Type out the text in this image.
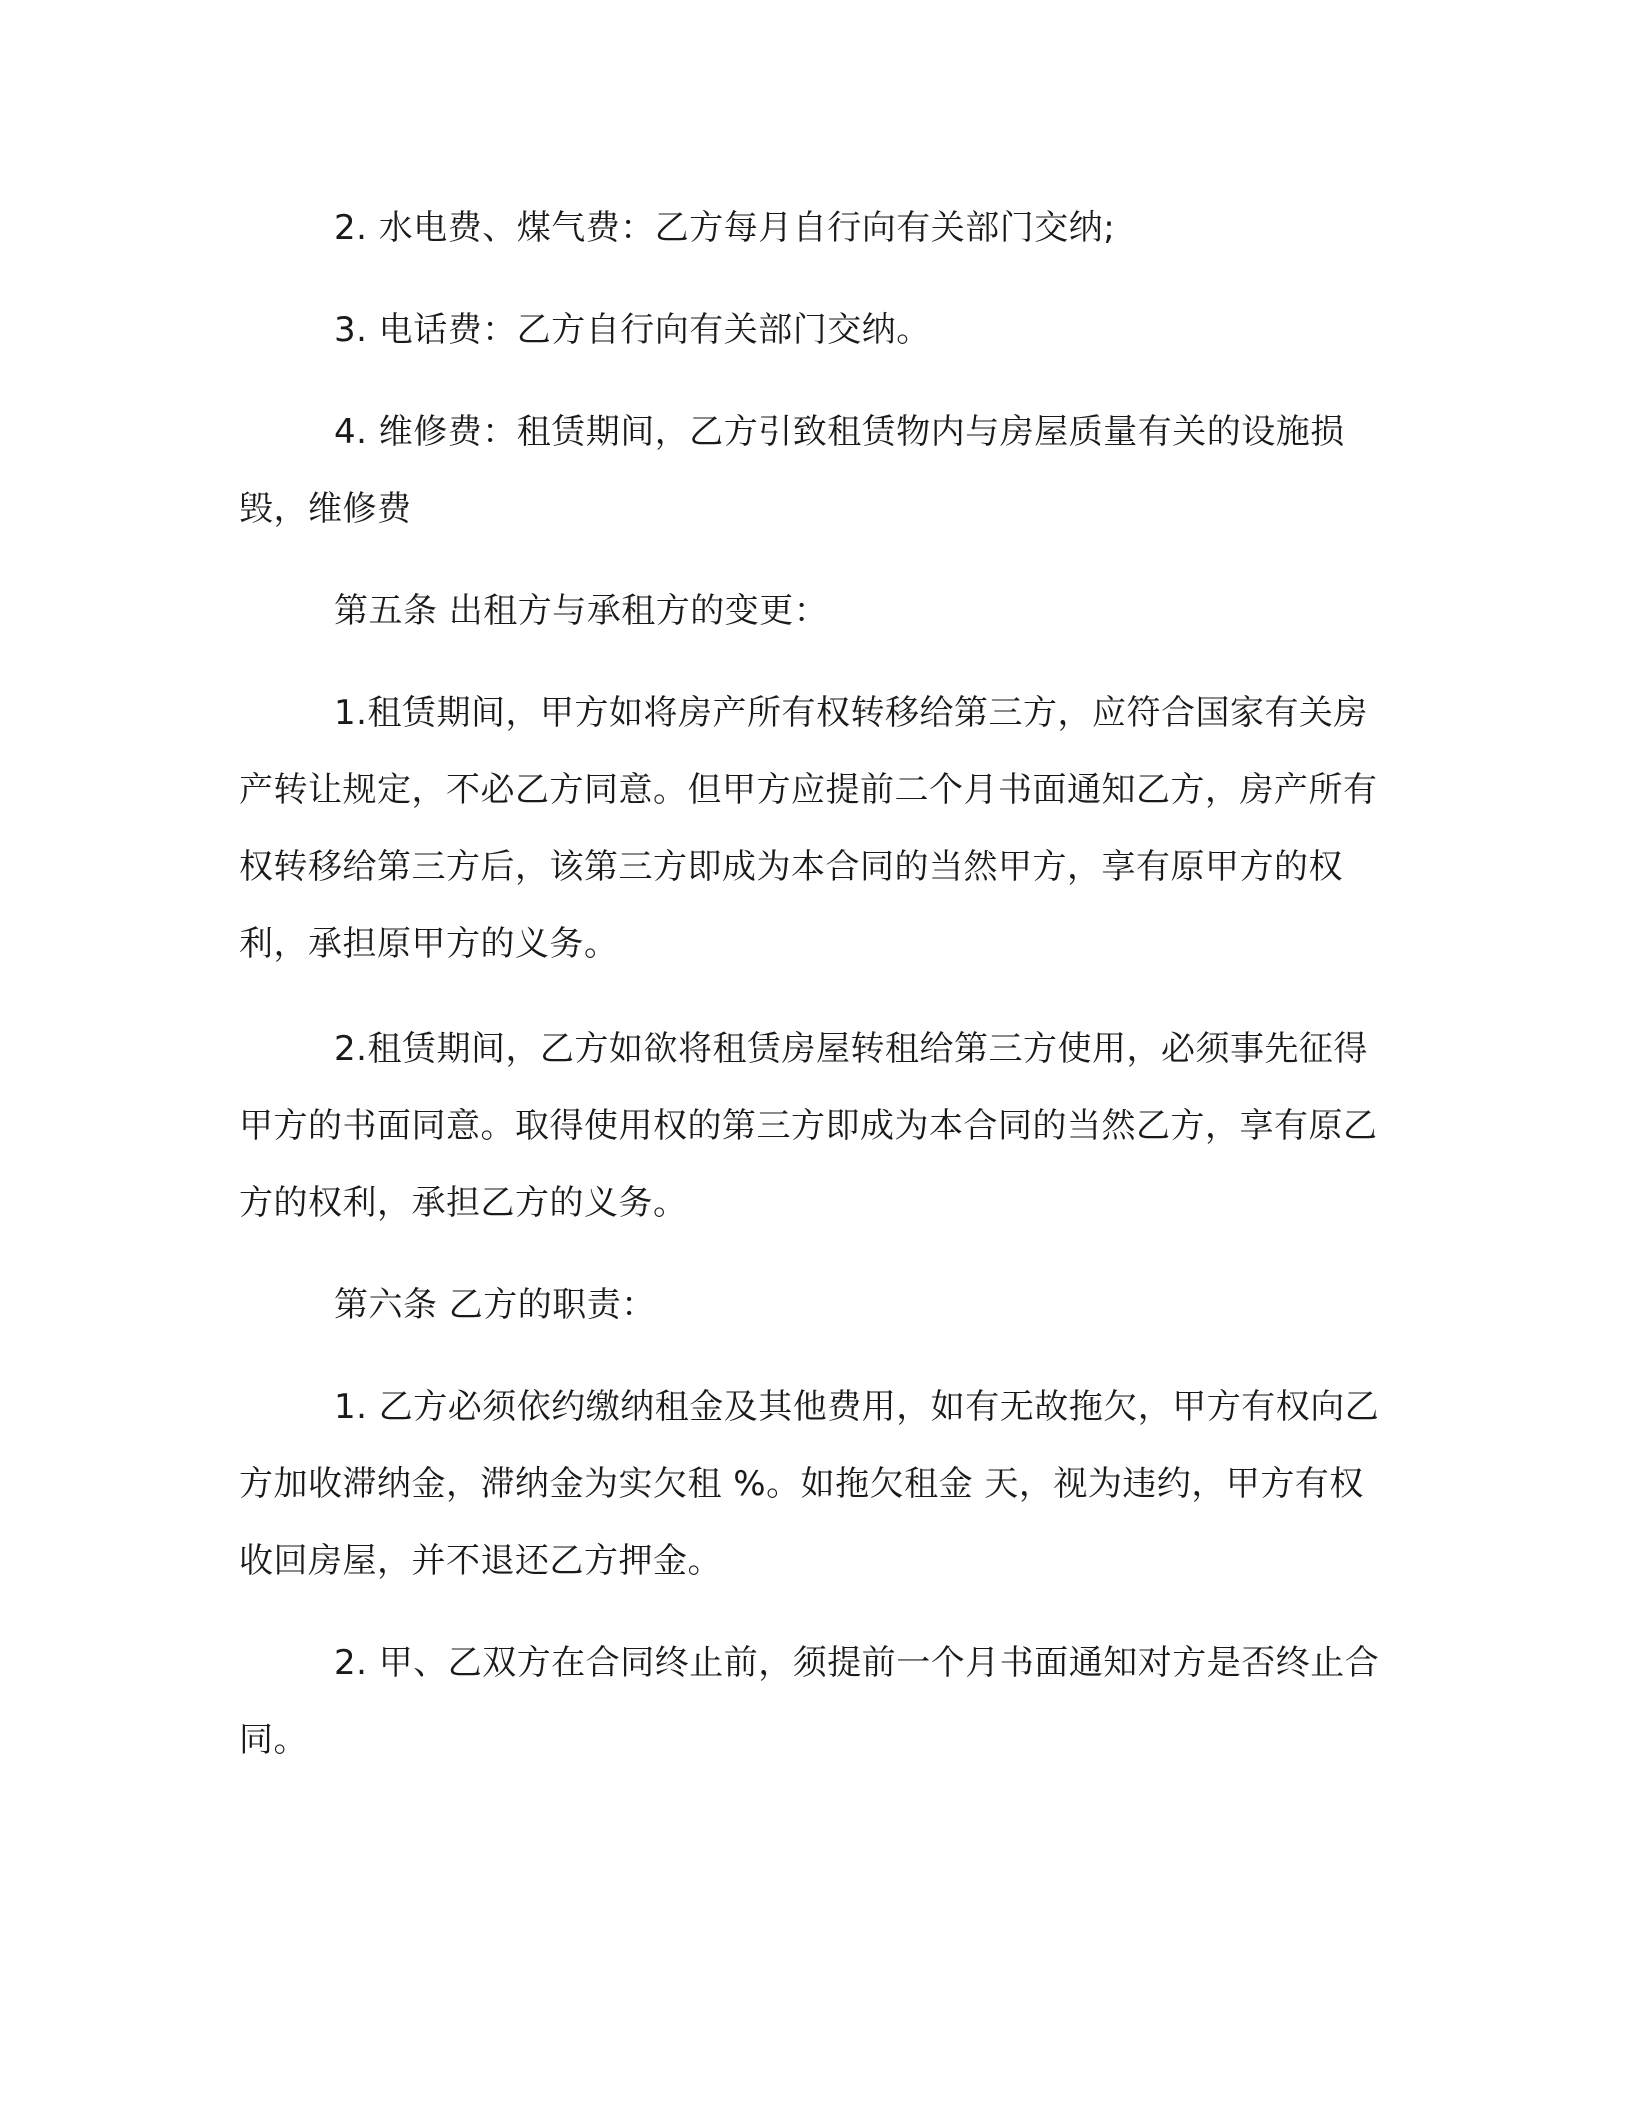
2. 水电费、煤气费：乙方每月自行向有关部门交纳;

3. 电话费：乙方自行向有关部门交纳。

4. 维修费：租赁期间，乙方引致租赁物内与房屋质量有关的设施损毁，维修费

第五条 出租方与承租方的变更：

1.租赁期间，甲方如将房产所有权转移给第三方，应符合国家有关房产转让规定，不必乙方同意。但甲方应提前二个月书面通知乙方，房产所有权转移给第三方后，该第三方即成为本合同的当然甲方，享有原甲方的权利，承担原甲方的义务。

2.租赁期间，乙方如欲将租赁房屋转租给第三方使用，必须事先征得甲方的书面同意。取得使用权的第三方即成为本合同的当然乙方，享有原乙方的权利，承担乙方的义务。

第六条 乙方的职责：

1. 乙方必须依约缴纳租金及其他费用，如有无故拖欠，甲方有权向乙方加收滞纳金，滞纳金为实欠租 %。如拖欠租金 天，视为违约，甲方有权收回房屋，并不退还乙方押金。

2. 甲、乙双方在合同终止前，须提前一个月书面通知对方是否终止合同。
